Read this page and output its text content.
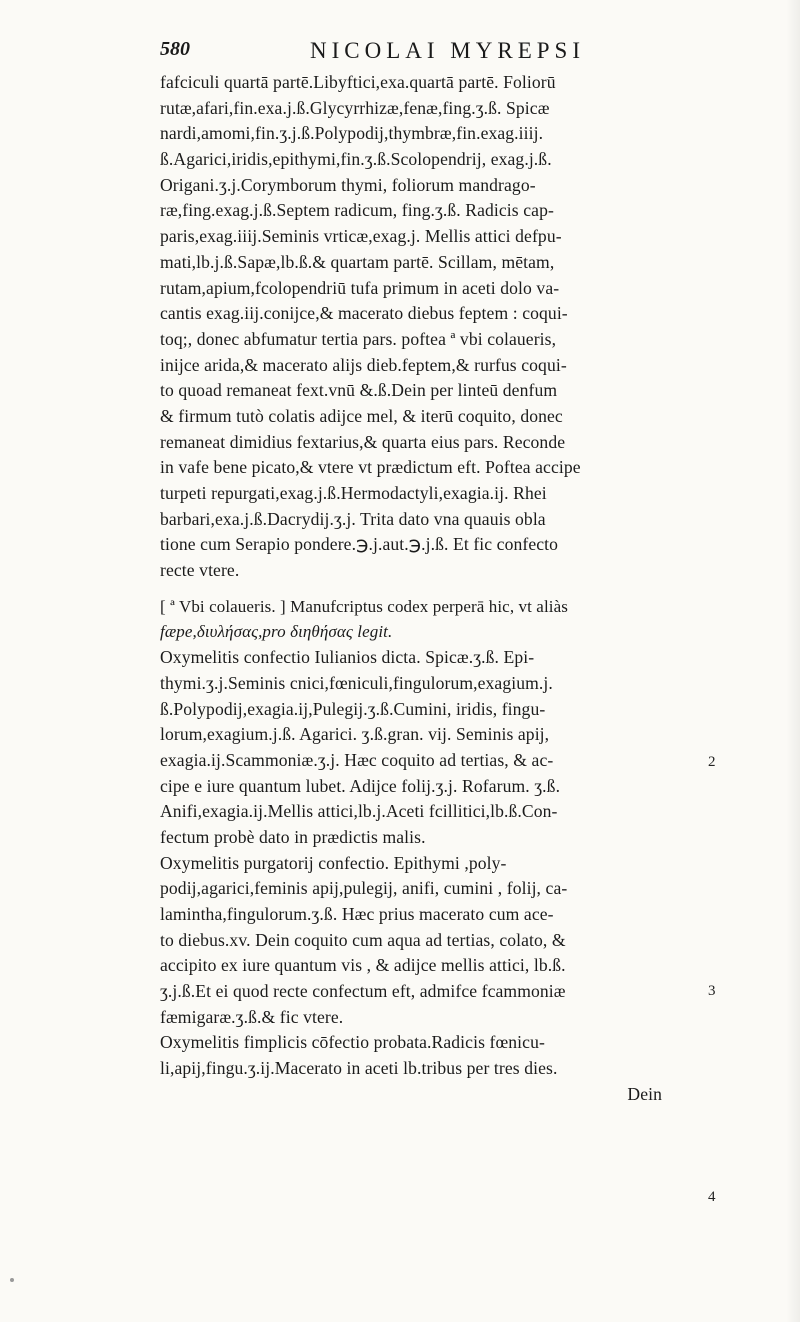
580	NICOLAI MYREPSI
fafciculi quartā partē.Libyftici,exa.quartā partē. Foliorū
rutæ,afari,fin.exa.j.ß.Glycyrrhizæ,fenæ,fing.ʒ.ß. Spicæ
nardi,amomi,fin.ʒ.j.ß.Polypodij,thymbræ,fin.exag.iiij.
ß.Agarici,iridis,epithymi,fin.ʒ.ß.Scolopendrij, exag.j.ß.
Origani.ʒ.j.Corymborum thymi, foliorum mandrago-
ræ,fing.exag.j.ß.Septem radicum, fing.ʒ.ß. Radicis cap-
paris,exag.iiij.Seminis vrticæ,exag.j. Mellis attici defpu-
mati,lb.j.ß.Sapæ,lb.ß.& quartam partē. Scillam, mētam,
rutam,apium,fcolopendriū tufa primum in aceti dolo va-
cantis exag.iij.conijce,& macerato diebus feptem : coqui-
toq;, donec abfumatur tertia pars. poftea ª vbi colaueris,
inijce arida,& macerato alijs dieb.feptem,& rurfus coqui-
to quoad remaneat fext.vnū &.ß.Dein per linteū denfum
& firmum tutò colatis adijce mel, & iterū coquito, donec
remaneat dimidius fextarius,& quarta eius pars. Reconde
in vafe bene picato,& vtere vt prædictum eft. Poftea accipe
turpeti repurgati,exag.j.ß.Hermodactyli,exagia.ij. Rhei
barbari,exa.j.ß.Dacrydij.ʒ.j. Trita dato vna quauis obla
tione cum Serapio pondere.℈.j.aut.℈.j.ß. Et fic confecto
recte vtere.
[ ª Vbi colaueris. ] Manufcriptus codex perperā hic, vt aliàs
fæpe,διυλήσας,pro διηθήσας legit.
Oxymelitis confectio Iulianios dicta. Spicæ.ʒ.ß. Epi-
thymi.ʒ.j.Seminis cnici,fœniculi,fingulorum,exagium.j.
ß.Polypodij,exagia.ij,Pulegij.ʒ.ß.Cumini, iridis, fingu-
lorum,exagium.j.ß. Agarici. ʒ.ß.gran. vij. Seminis apij,
exagia.ij.Scammoniæ.ʒ.j. Hæc coquito ad tertias, & ac-
cipe e iure quantum lubet. Adijce folij.ʒ.j. Rofarum. ʒ.ß.
Anifi,exagia.ij.Mellis attici,lb.j.Aceti fcillitici,lb.ß.Con-
fectum probè dato in prædictis malis.
Oxymelitis purgatorij confectio. Epithymi ,poly-
podij,agarici,feminis apij,pulegij, anifi, cumini , folij, ca-
lamintha,fingulorum.ʒ.ß. Hæc prius macerato cum ace-
to diebus.xv. Dein coquito cum aqua ad tertias, colato, &
accipito ex iure quantum vis , & adijce mellis attici, lb.ß.
ʒ.j.ß.Et ei quod recte confectum eft, admifce fcammoniæ
fæmigaræ.ʒ.ß.& fic vtere.
Oxymelitis fimplicis cōfectio probata.Radicis fœnicu-
li,apij,fingu.ʒ.ij.Macerato in aceti lb.tribus per tres dies.
Dein
2
3
4
